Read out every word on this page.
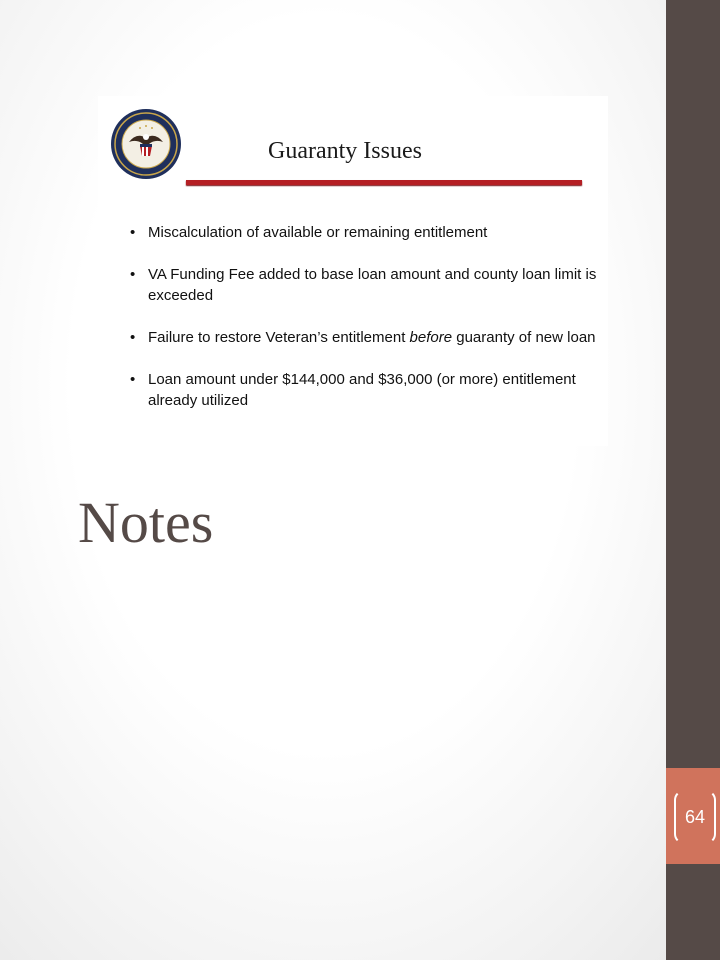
64
Guaranty Issues
• Miscalculation of available or remaining entitlement
• VA Funding Fee added to base loan amount and county loan limit is exceeded
• Failure to restore Veteran’s entitlement before guaranty of new loan
• Loan amount under $144,000 and $36,000 (or more) entitlement already utilized
Notes
